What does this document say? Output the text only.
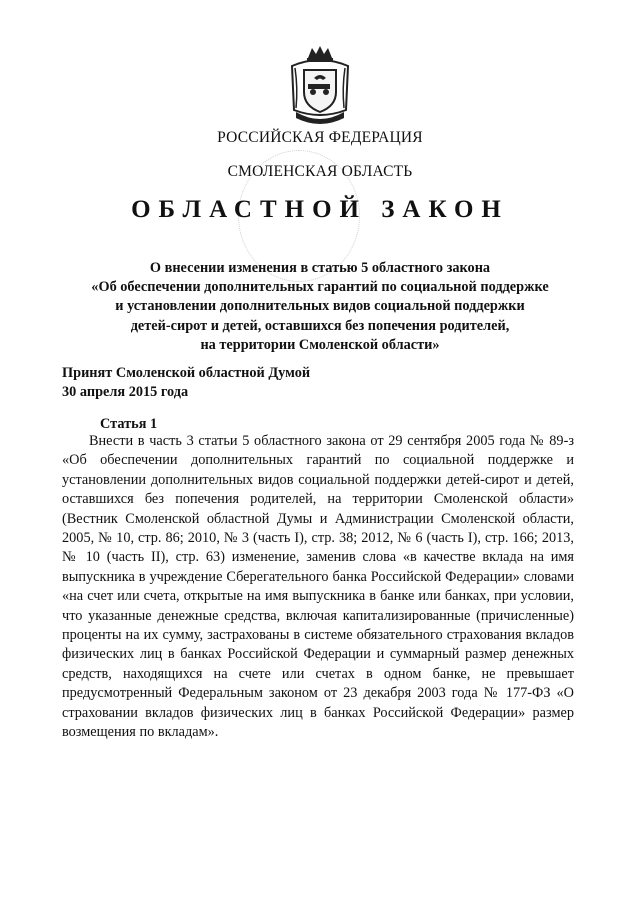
РОССИЙСКАЯ ФЕДЕРАЦИЯ
СМОЛЕНСКАЯ ОБЛАСТЬ
ОБЛАСТНОЙ ЗАКОН
О внесении изменения в статью 5 областного закона
«Об обеспечении дополнительных гарантий по социальной поддержке
и установлении дополнительных видов социальной поддержки
детей-сирот и детей, оставшихся без попечения родителей,
на территории Смоленской области»
Принят Смоленской областной Думой
30 апреля 2015 года
Статья 1
Внести в часть 3 статьи 5 областного закона от 29 сентября 2005 года № 89-з «Об обеспечении дополнительных гарантий по социальной поддержке и установлении дополнительных видов социальной поддержки детей-сирот и детей, оставшихся без попечения родителей, на территории Смоленской области» (Вестник Смоленской областной Думы и Администрации Смоленской области, 2005, № 10, стр. 86; 2010, № 3 (часть I), стр. 38; 2012, № 6 (часть I), стр. 166; 2013, № 10 (часть II), стр. 63) изменение, заменив слова «в качестве вклада на имя выпускника в учреждение Сберегательного банка Российской Федерации» словами «на счет или счета, открытые на имя выпускника в банке или банках, при условии, что указанные денежные средства, включая капитализированные (причисленные) проценты на их сумму, застрахованы в системе обязательного страхования вкладов физических лиц в банках Российской Федерации и суммарный размер денежных средств, находящихся на счете или счетах в одном банке, не превышает предусмотренный Федеральным законом от 23 декабря 2003 года № 177-ФЗ «О страховании вкладов физических лиц в банках Российской Федерации» размер возмещения по вкладам».
